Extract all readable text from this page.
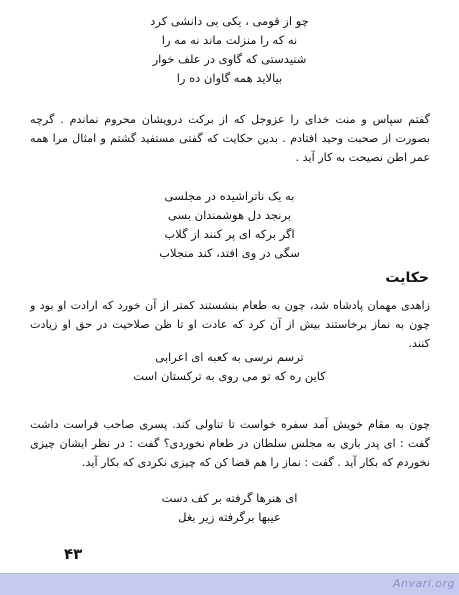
چو از قومی ، یکی بی دانشی کرد
نه که را منزلت ماند نه مه را
شنیدستی که گاوی در علف خوار
بیالاید همه گاوان ده را
گفتم سپاس و منت خدای را عزوجل که از برکت درویشان محروم نماندم . گرچه بصورت از صحبت وحید افتادم . بدین حکایت که گفتی مستفید گشتم و امثال مرا همه عمر اطن نصیحت به کار آید .
به یک ناتراشیده در مجلسی
برنجد دل هوشمندان بسی
اگر برکه ای پر کنند از گلاب
سگی در وی افتد، کند منجلاب
حکایت
زاهدی مهمان پادشاه شد، چون به طعام بنشستند کمتر از آن خورد که ارادت او بود و چون به نماز برخاستند بیش از آن کرد که عادت او تا ظن صلاحیت در حق او زیادت کنند.
ترسم نرسی به کعبه ای اعرابی
کاین ره که تو می روی به ترکستان است
چون به مقام خویش آمد سفره خواست تا تناولی کند. پسری صاحب فراست داشت گفت : ای پدر باری به مجلس سلطان در طعام نخوردی؟ گفت : در نظر ایشان چیزی نخوردم که بکار آید . گفت : نماز را هم قضا کن که چیزی نکردی که بکار آید.
ای هنرها گرفته بر کف دست
عیبها برگرفته زیر بغل
۴۳
Anvari.org
